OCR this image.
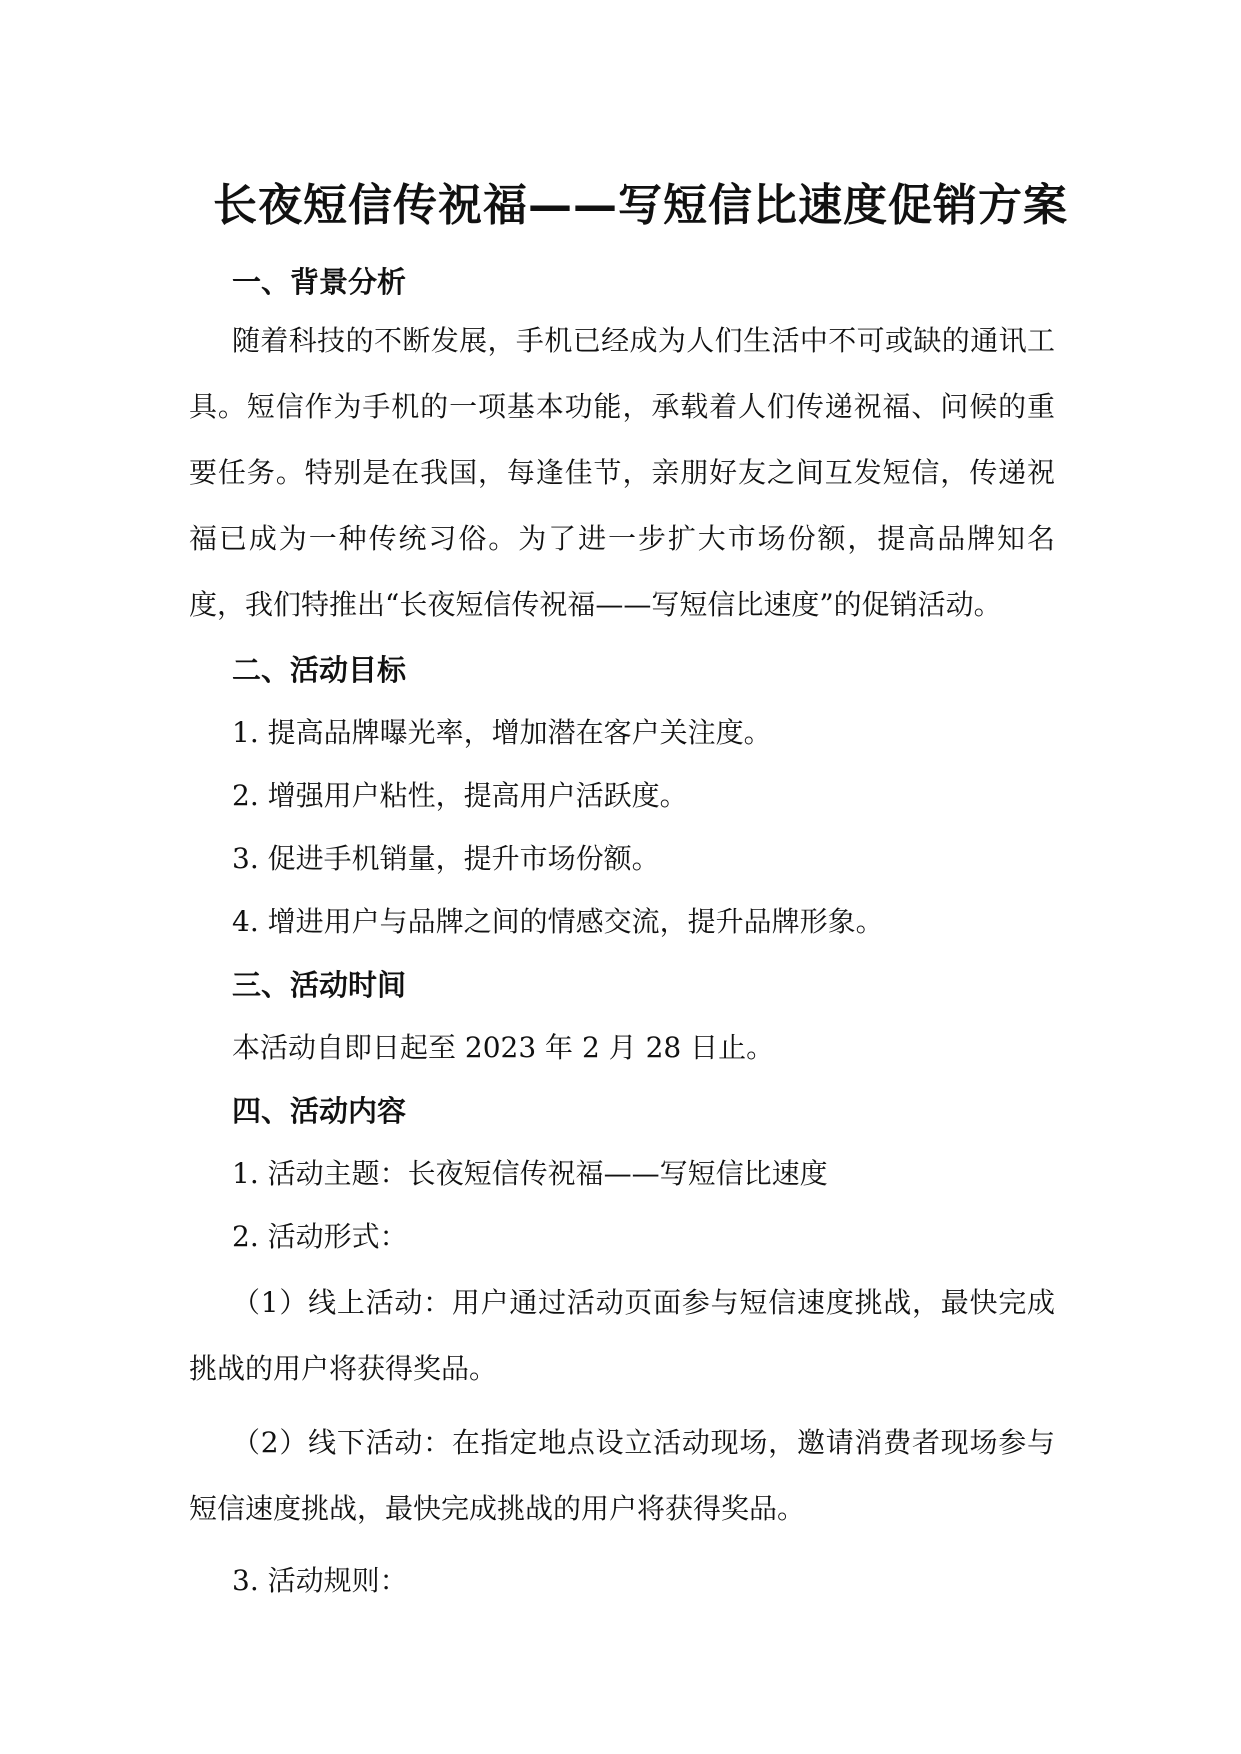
长夜短信传祝福——写短信比速度促销方案
一、背景分析
随着科技的不断发展，手机已经成为人们生活中不可或缺的通讯工具。短信作为手机的一项基本功能，承载着人们传递祝福、问候的重要任务。特别是在我国，每逢佳节，亲朋好友之间互发短信，传递祝福已成为一种传统习俗。为了进一步扩大市场份额，提高品牌知名度，我们特推出“长夜短信传祝福——写短信比速度”的促销活动。
二、活动目标
1. 提高品牌曝光率，增加潜在客户关注度。
2. 增强用户粘性，提高用户活跃度。
3. 促进手机销量，提升市场份额。
4. 增进用户与品牌之间的情感交流，提升品牌形象。
三、活动时间
本活动自即日起至 2023 年 2 月 28 日止。
四、活动内容
1. 活动主题：长夜短信传祝福——写短信比速度
2. 活动形式：
（1）线上活动：用户通过活动页面参与短信速度挑战，最快完成挑战的用户将获得奖品。
（2）线下活动：在指定地点设立活动现场，邀请消费者现场参与短信速度挑战，最快完成挑战的用户将获得奖品。
3. 活动规则：
